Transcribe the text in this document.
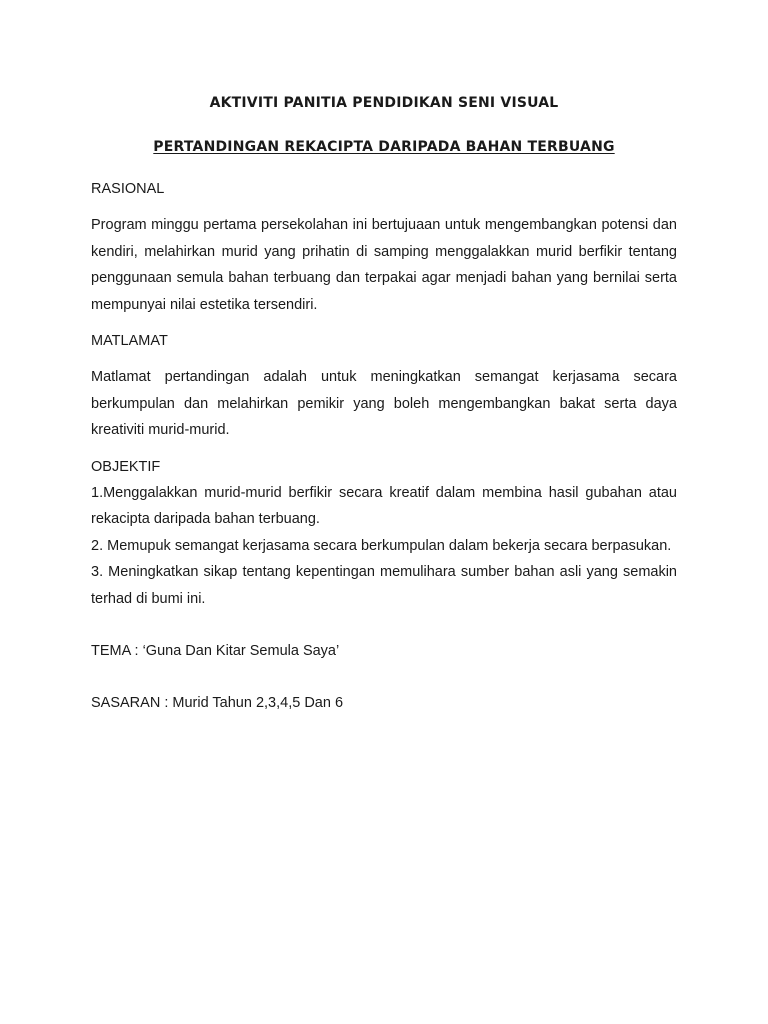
AKTIVITI PANITIA PENDIDIKAN SENI VISUAL
PERTANDINGAN REKACIPTA DARIPADA BAHAN TERBUANG

RASIONAL

Program minggu pertama persekolahan ini bertujuaan untuk mengembangkan potensi dan kendiri, melahirkan murid yang prihatin di samping menggalakkan murid berfikir tentang penggunaan semula bahan terbuang dan terpakai agar menjadi bahan yang bernilai serta mempunyai nilai estetika tersendiri.

MATLAMAT

Matlamat pertandingan adalah untuk meningkatkan semangat kerjasama secara berkumpulan dan melahirkan pemikir yang boleh mengembangkan bakat serta daya kreativiti murid-murid.

OBJEKTIF

1.Menggalakkan murid-murid berfikir secara kreatif dalam membina hasil gubahan atau rekacipta daripada bahan terbuang.

2. Memupuk semangat kerjasama secara berkumpulan dalam bekerja secara berpasukan.

3. Meningkatkan sikap tentang kepentingan memulihara sumber bahan asli yang semakin terhad di bumi ini.

TEMA : ‘Guna Dan Kitar Semula Saya’

SASARAN : Murid Tahun 2,3,4,5 Dan 6
